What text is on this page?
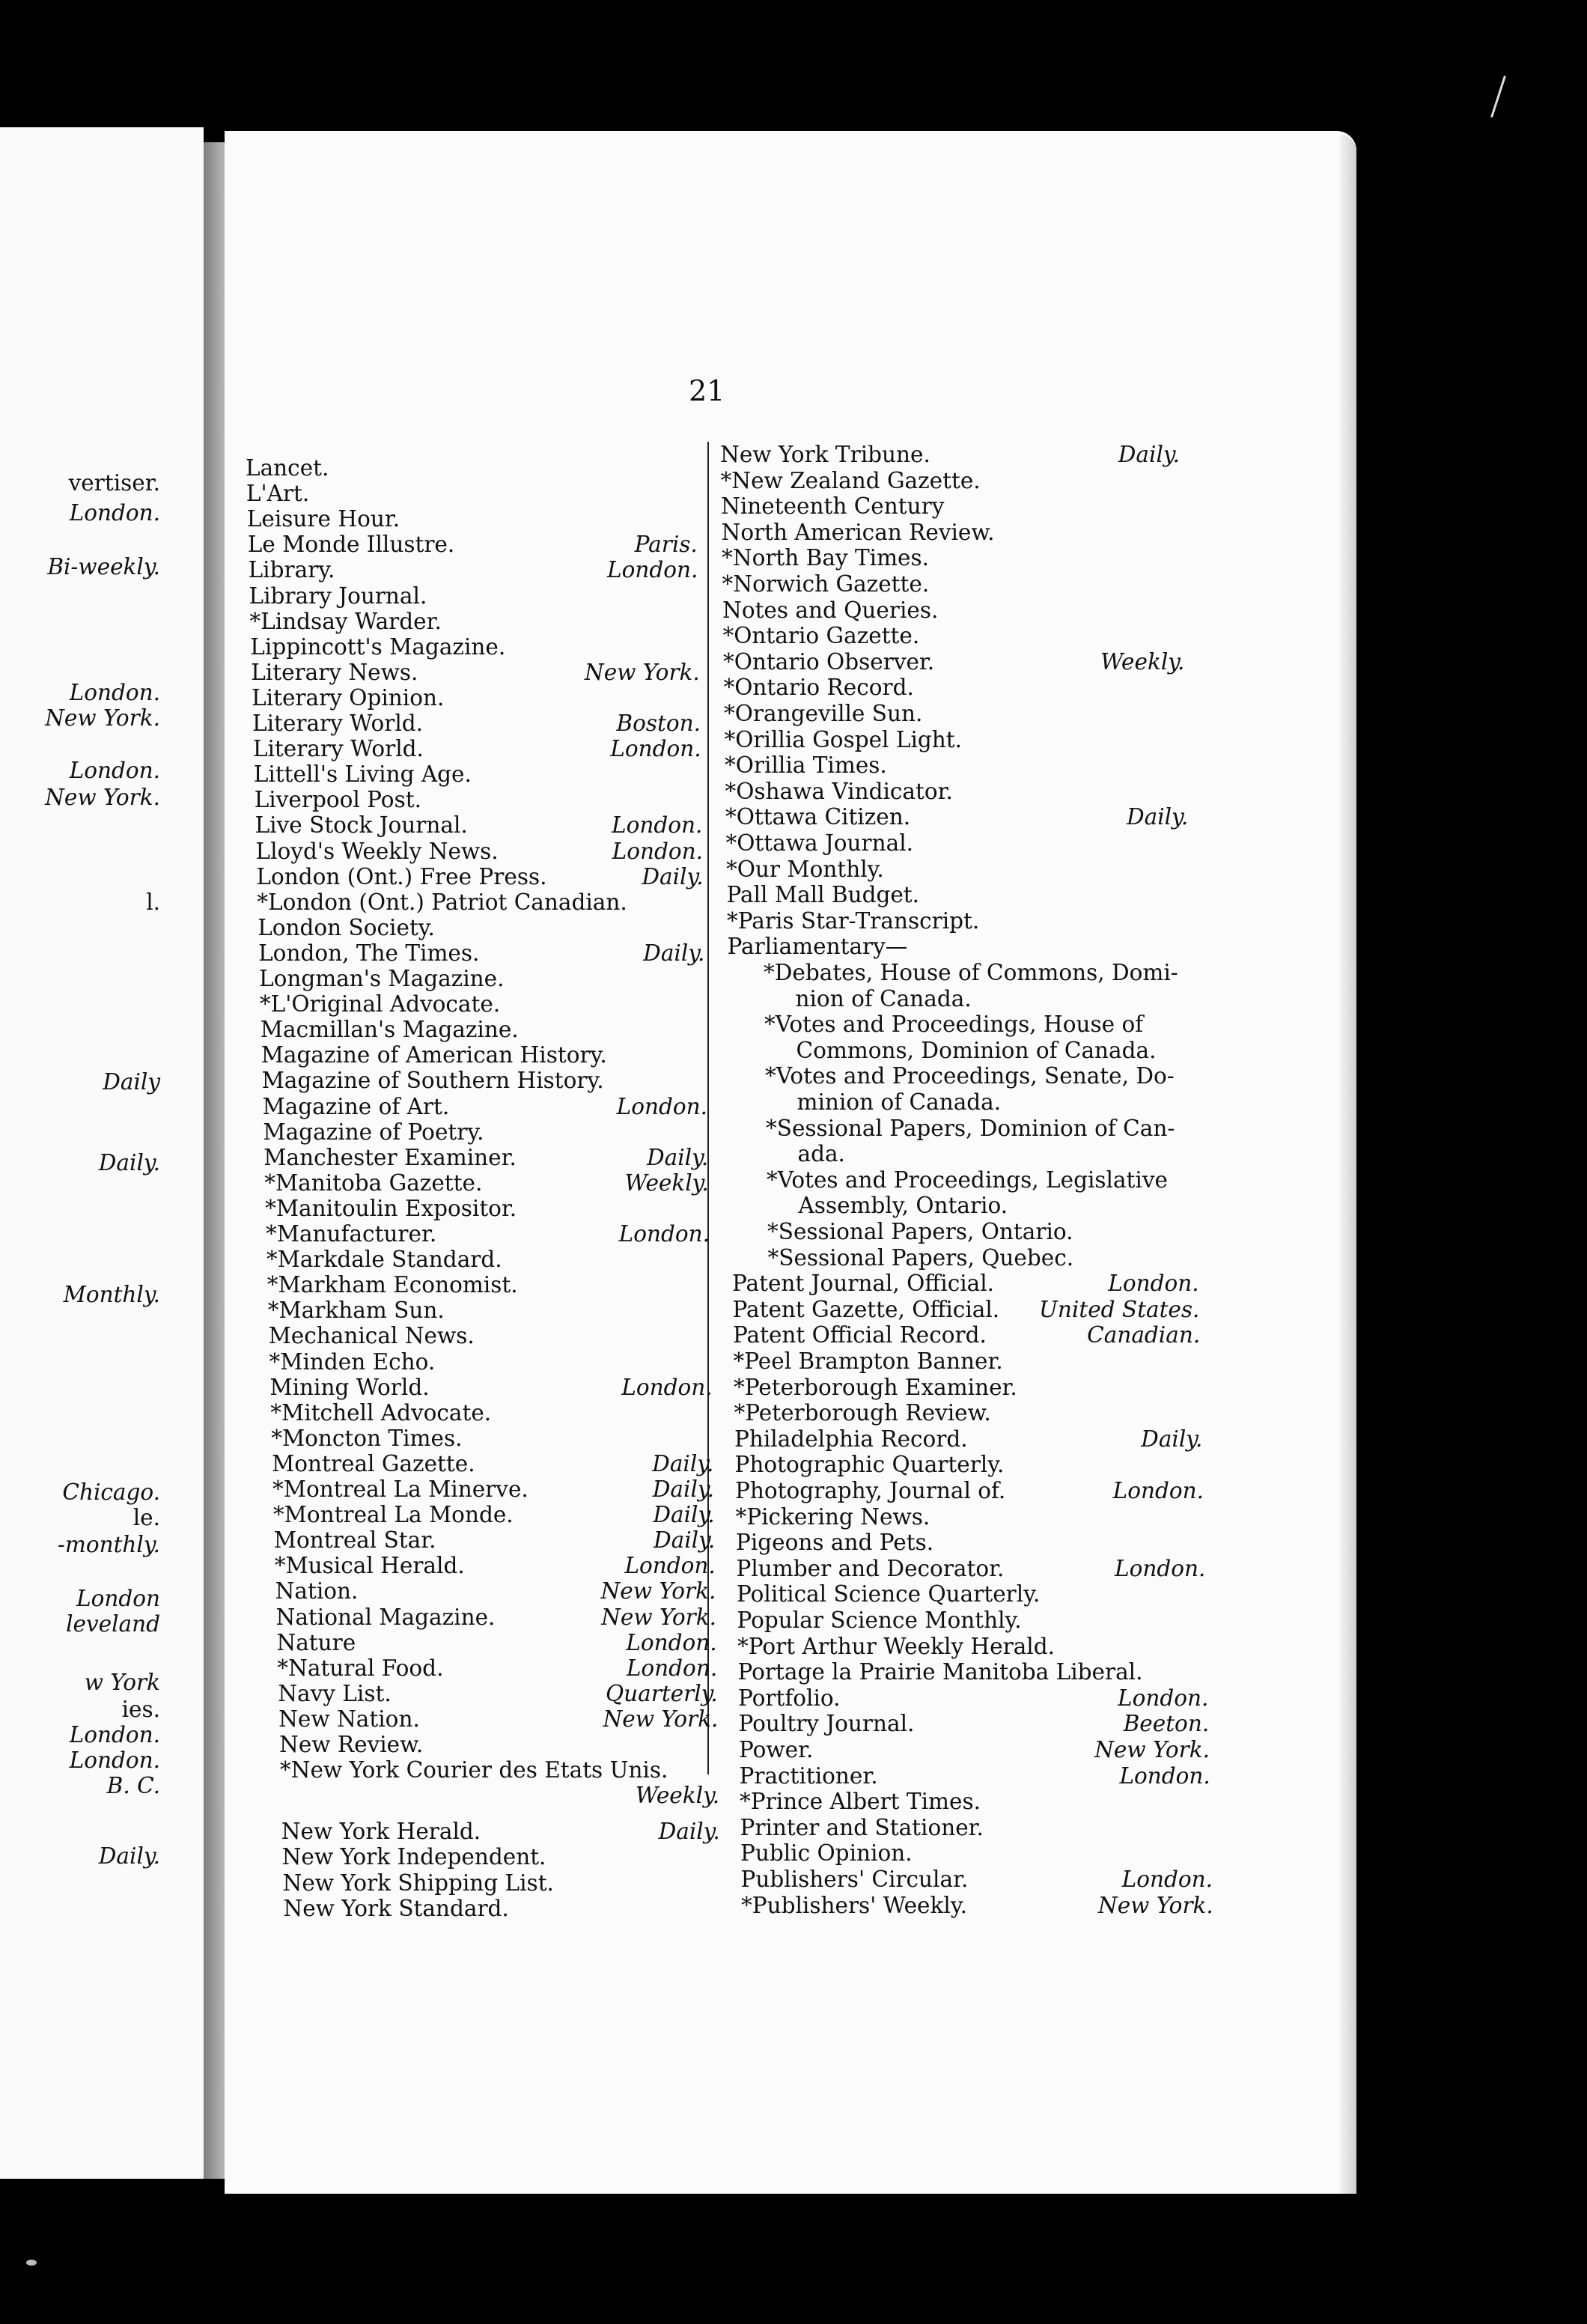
21
vertiser.
London.
Bi-weekly.
London.
New York.
London.
New York.
l.
Daily
Daily.
Monthly.
Chicago.
le.
-monthly.
London
leveland
w York
ies.
London.
London.
B. C.
Daily.
Lancet.
L'Art.
Leisure Hour.
Le Monde Illustre.	Paris.
Library.	London.
Library Journal.
*Lindsay Warder.
Lippincott's Magazine.
Literary News.	New York.
Literary Opinion.
Literary World.	Boston.
Literary World.	London.
Littell's Living Age.
Liverpool Post.
Live Stock Journal.	London.
Lloyd's Weekly News.	London.
London (Ont.) Free Press.	Daily.
*London (Ont.) Patriot Canadian.
London Society.
London, The Times.	Daily.
Longman's Magazine.
*L'Original Advocate.
Macmillan's Magazine.
Magazine of American History.
Magazine of Southern History.
Magazine of Art.	London.
Magazine of Poetry.
Manchester Examiner.	Daily.
*Manitoba Gazette.	Weekly.
*Manitoulin Expositor.
*Manufacturer.	London.
*Markdale Standard.
*Markham Economist.
*Markham Sun.
Mechanical News.
*Minden Echo.
Mining World.	London.
*Mitchell Advocate.
*Moncton Times.
Montreal Gazette.	Daily.
*Montreal La Minerve.	Daily.
*Montreal La Monde.	Daily.
Montreal Star.	Daily.
*Musical Herald.	London.
Nation.	New York.
National Magazine.	New York.
Nature	London.
*Natural Food.	London.
Navy List.	Quarterly.
New Nation.	New York.
New Review.
*New York Courier des Etats Unis.
Weekly.
New York Herald.	Daily.
New York Independent.
New York Shipping List.
New York Standard.
New York Tribune.	Daily.
*New Zealand Gazette.
Nineteenth Century
North American Review.
*North Bay Times.
*Norwich Gazette.
Notes and Queries.
*Ontario Gazette.
*Ontario Observer.	Weekly.
*Ontario Record.
*Orangeville Sun.
*Orillia Gospel Light.
*Orillia Times.
*Oshawa Vindicator.
*Ottawa Citizen.	Daily.
*Ottawa Journal.
*Our Monthly.
Pall Mall Budget.
*Paris Star-Transcript.
Parliamentary—
*Debates, House of Commons, Domi-
nion of Canada.
*Votes and Proceedings, House of
Commons, Dominion of Canada.
*Votes and Proceedings, Senate, Do-
minion of Canada.
*Sessional Papers, Dominion of Can-
ada.
*Votes and Proceedings, Legislative
Assembly, Ontario.
*Sessional Papers, Ontario.
*Sessional Papers, Quebec.
Patent Journal, Official.	London.
Patent Gazette, Official. United States.
Patent Official Record.	Canadian.
*Peel Brampton Banner.
*Peterborough Examiner.
*Peterborough Review.
Philadelphia Record.	Daily.
Photographic Quarterly.
Photography, Journal of.	London.
*Pickering News.
Pigeons and Pets.
Plumber and Decorator.	London.
Political Science Quarterly.
Popular Science Monthly.
*Port Arthur Weekly Herald.
Portage la Prairie Manitoba Liberal.
Portfolio.	London.
Poultry Journal.	Beeton.
Power.	New York.
Practitioner.	London.
*Prince Albert Times.
Printer and Stationer.
Public Opinion.
Publishers' Circular.	London.
*Publishers' Weekly.	New York.
